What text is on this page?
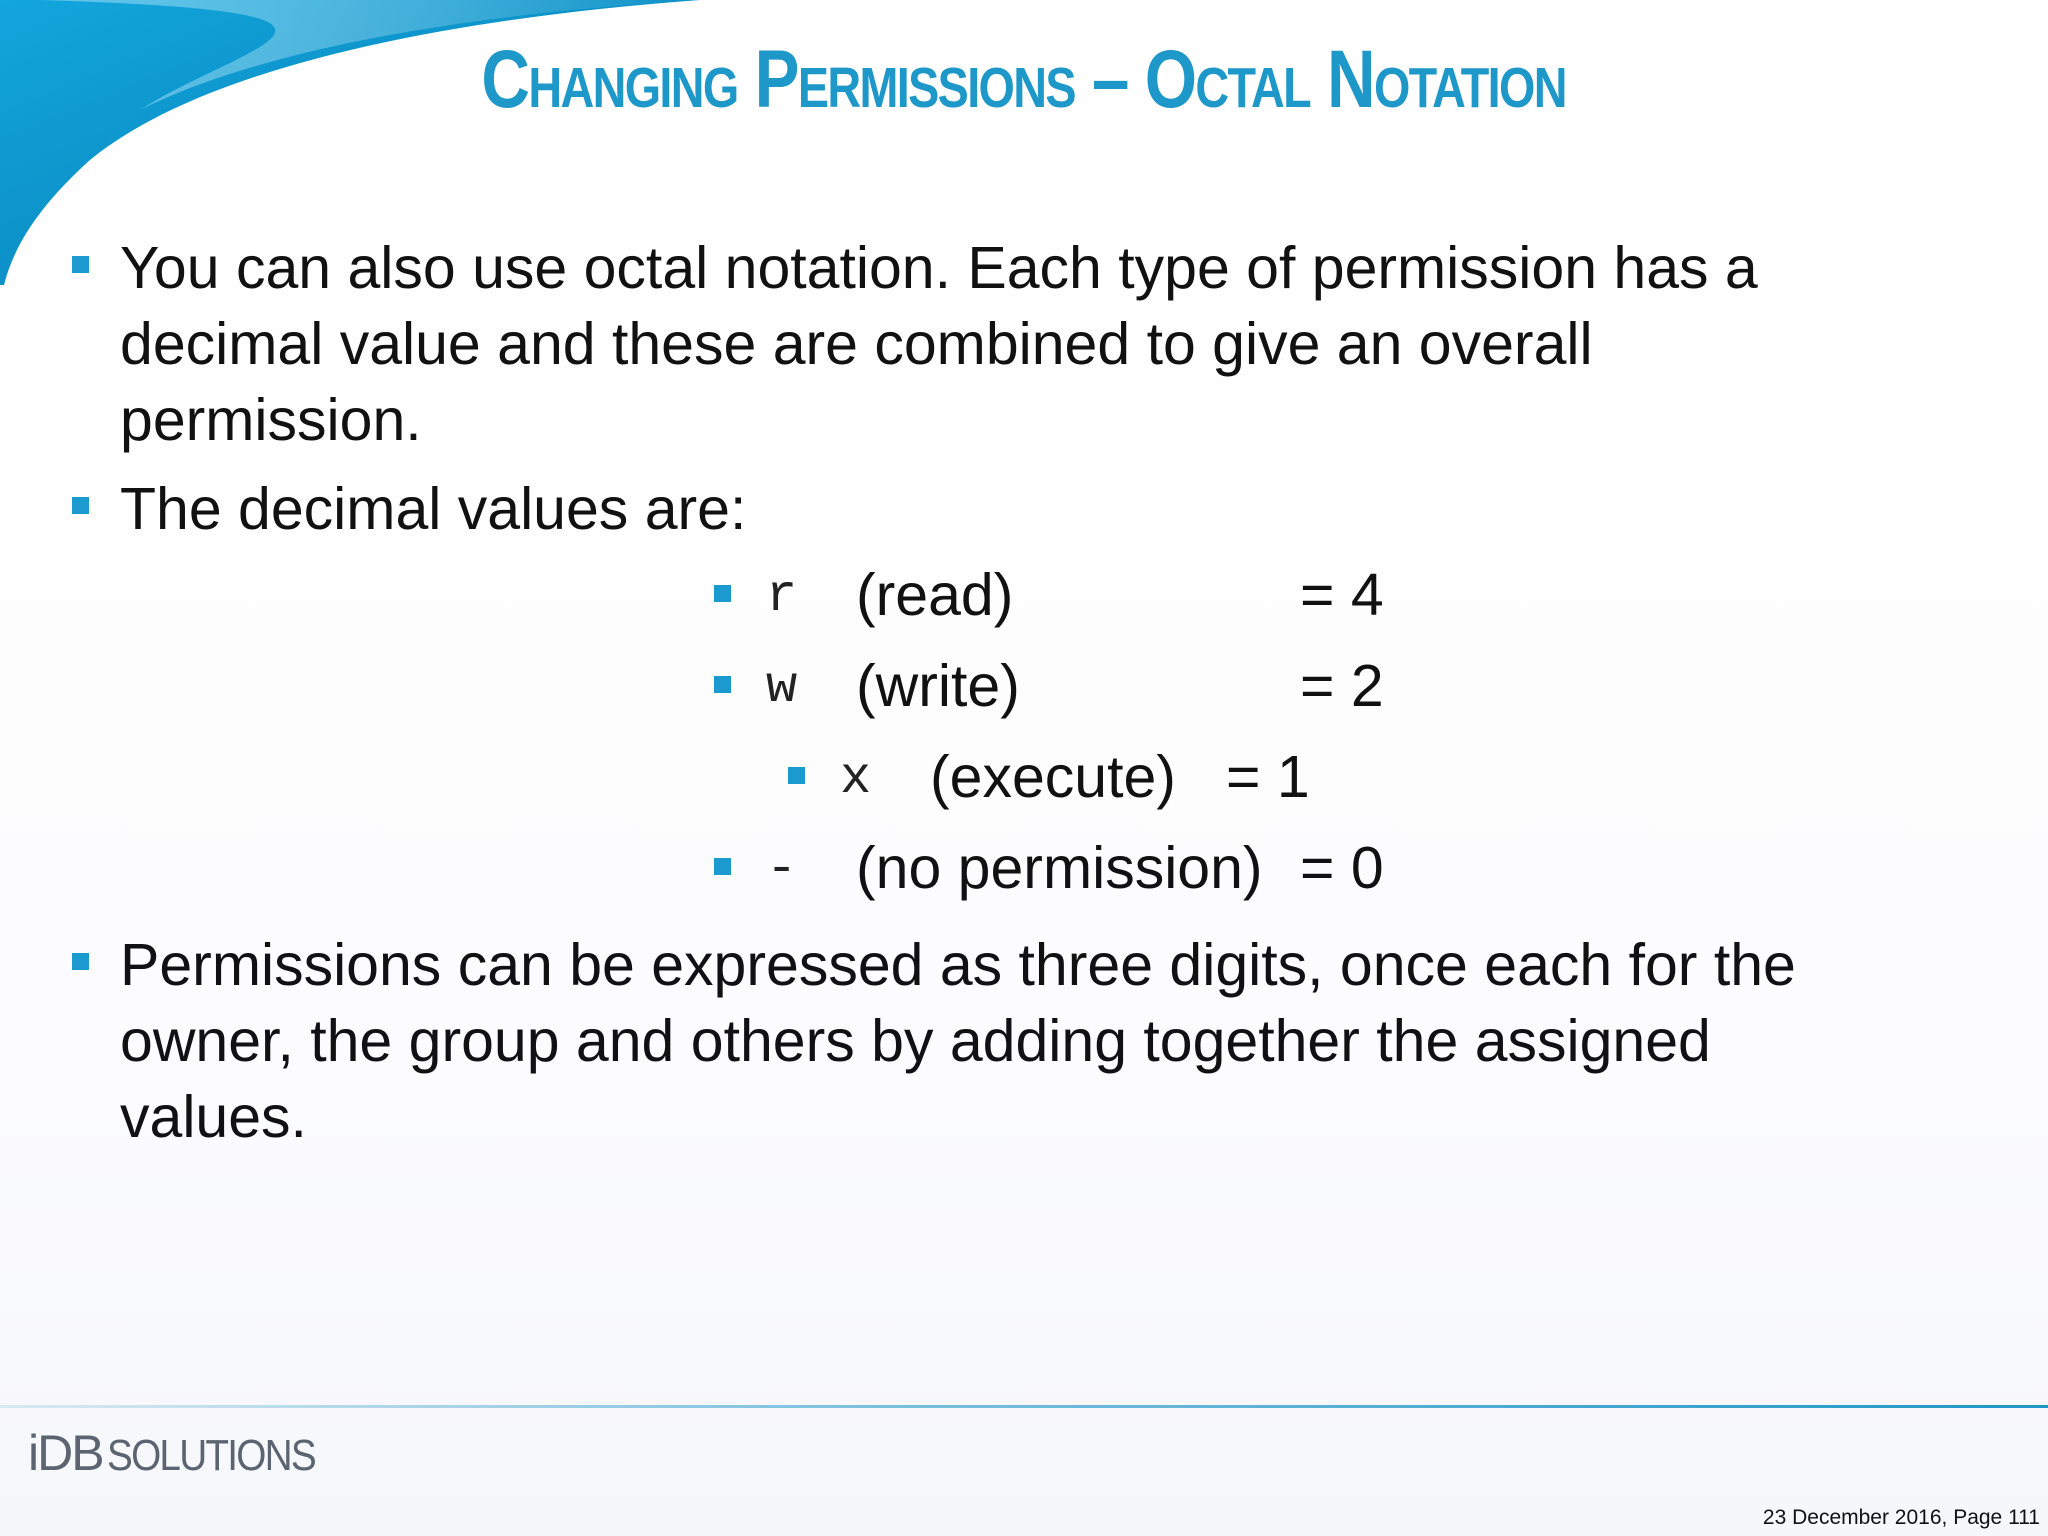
Changing Permissions – Octal Notation
You can also use octal notation. Each type of permission has a
decimal value and these are combined to give an overall
permission.
The decimal values are:
r (read)	= 4
w (write)	= 2
x (execute) = 1
- (no permission) = 0
Permissions can be expressed as three digits, once each for the
owner, the group and others by adding together the assigned
values.
iDB SOLUTIONS
23 December 2016, Page 111
